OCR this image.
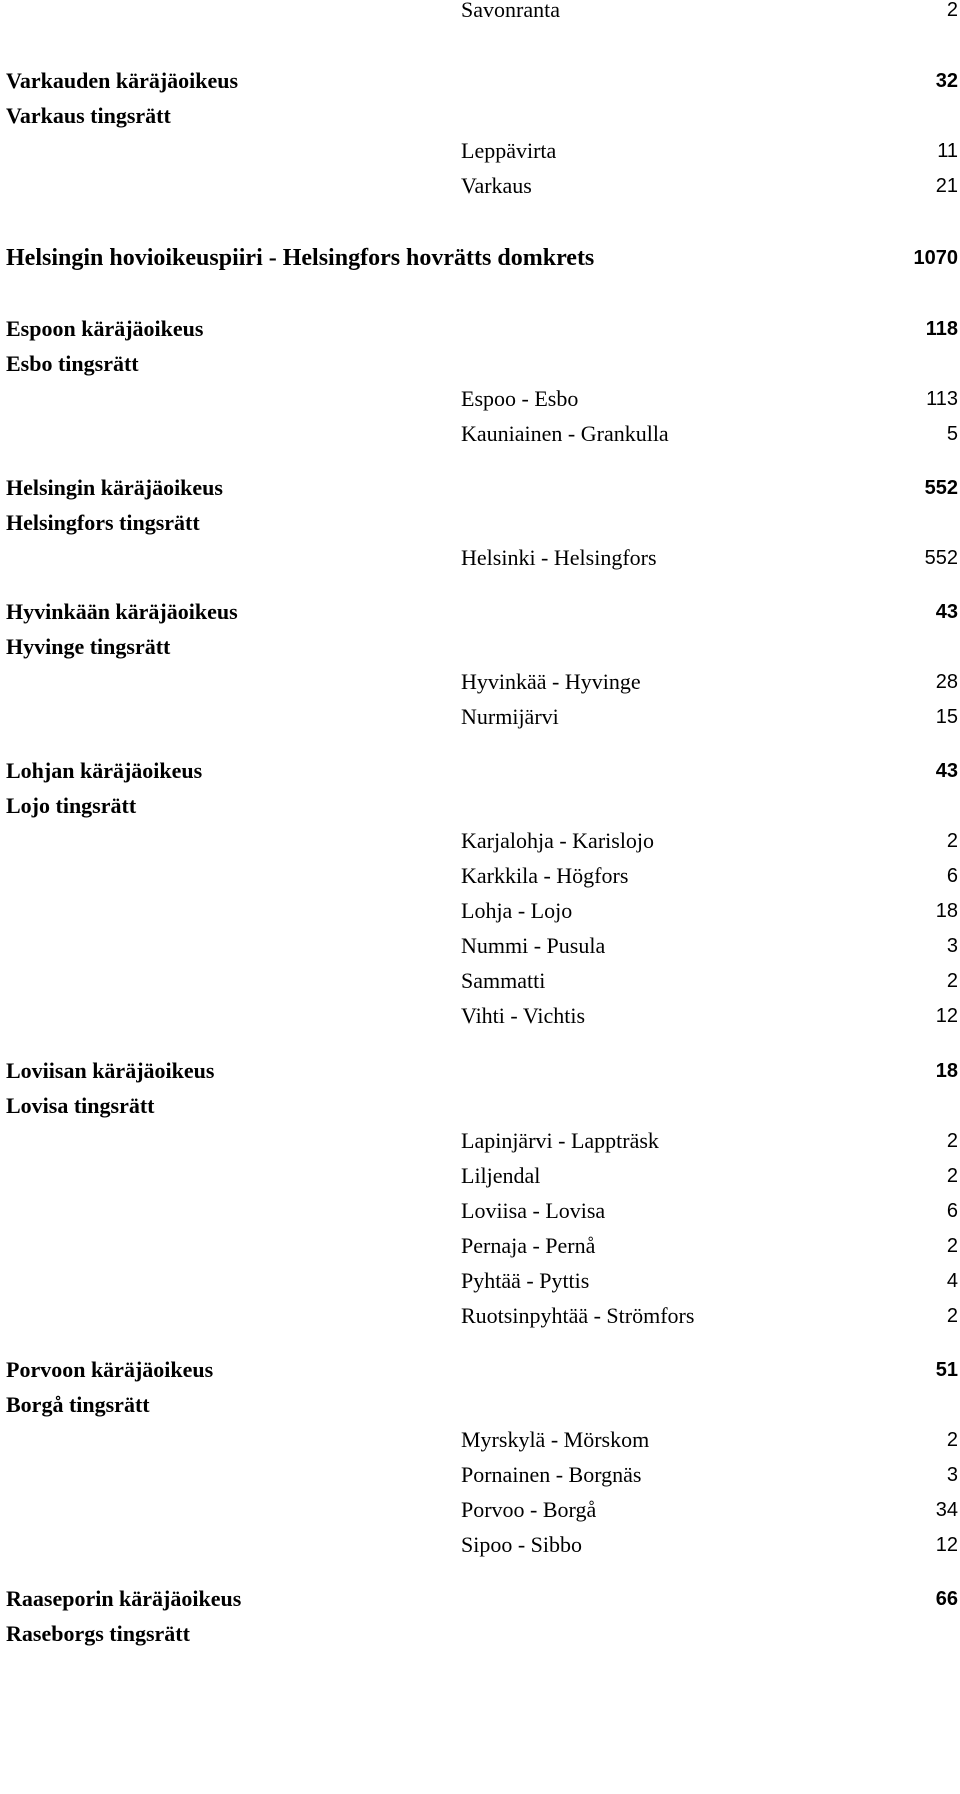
Savonranta	2
Varkauden käräjäoikeus	32
Varkaus tingsrätt
Leppävirta	11
Varkaus	21
Helsingin hovioikeuspiiri - Helsingfors hovrätts domkrets	1070
Espoon käräjäoikeus	118
Esbo tingsrätt
Espoo - Esbo	113
Kauniainen - Grankulla	5
Helsingin käräjäoikeus	552
Helsingfors tingsrätt
Helsinki - Helsingfors	552
Hyvinkään käräjäoikeus	43
Hyvinge tingsrätt
Hyvinkää - Hyvinge	28
Nurmijärvi	15
Lohjan käräjäoikeus	43
Lojo tingsrätt
Karjalohja - Karislojo	2
Karkkila - Högfors	6
Lohja - Lojo	18
Nummi - Pusula	3
Sammatti	2
Vihti - Vichtis	12
Loviisan käräjäoikeus	18
Lovisa tingsrätt
Lapinjärvi - Lappträsk	2
Liljendal	2
Loviisa - Lovisa	6
Pernaja - Pernå	2
Pyhtää - Pyttis	4
Ruotsinpyhtää - Strömfors	2
Porvoon käräjäoikeus	51
Borgå tingsrätt
Myrskylä - Mörskom	2
Pornainen - Borgnäs	3
Porvoo - Borgå	34
Sipoo - Sibbo	12
Raaseporin käräjäoikeus	66
Raseborgs tingsrätt
